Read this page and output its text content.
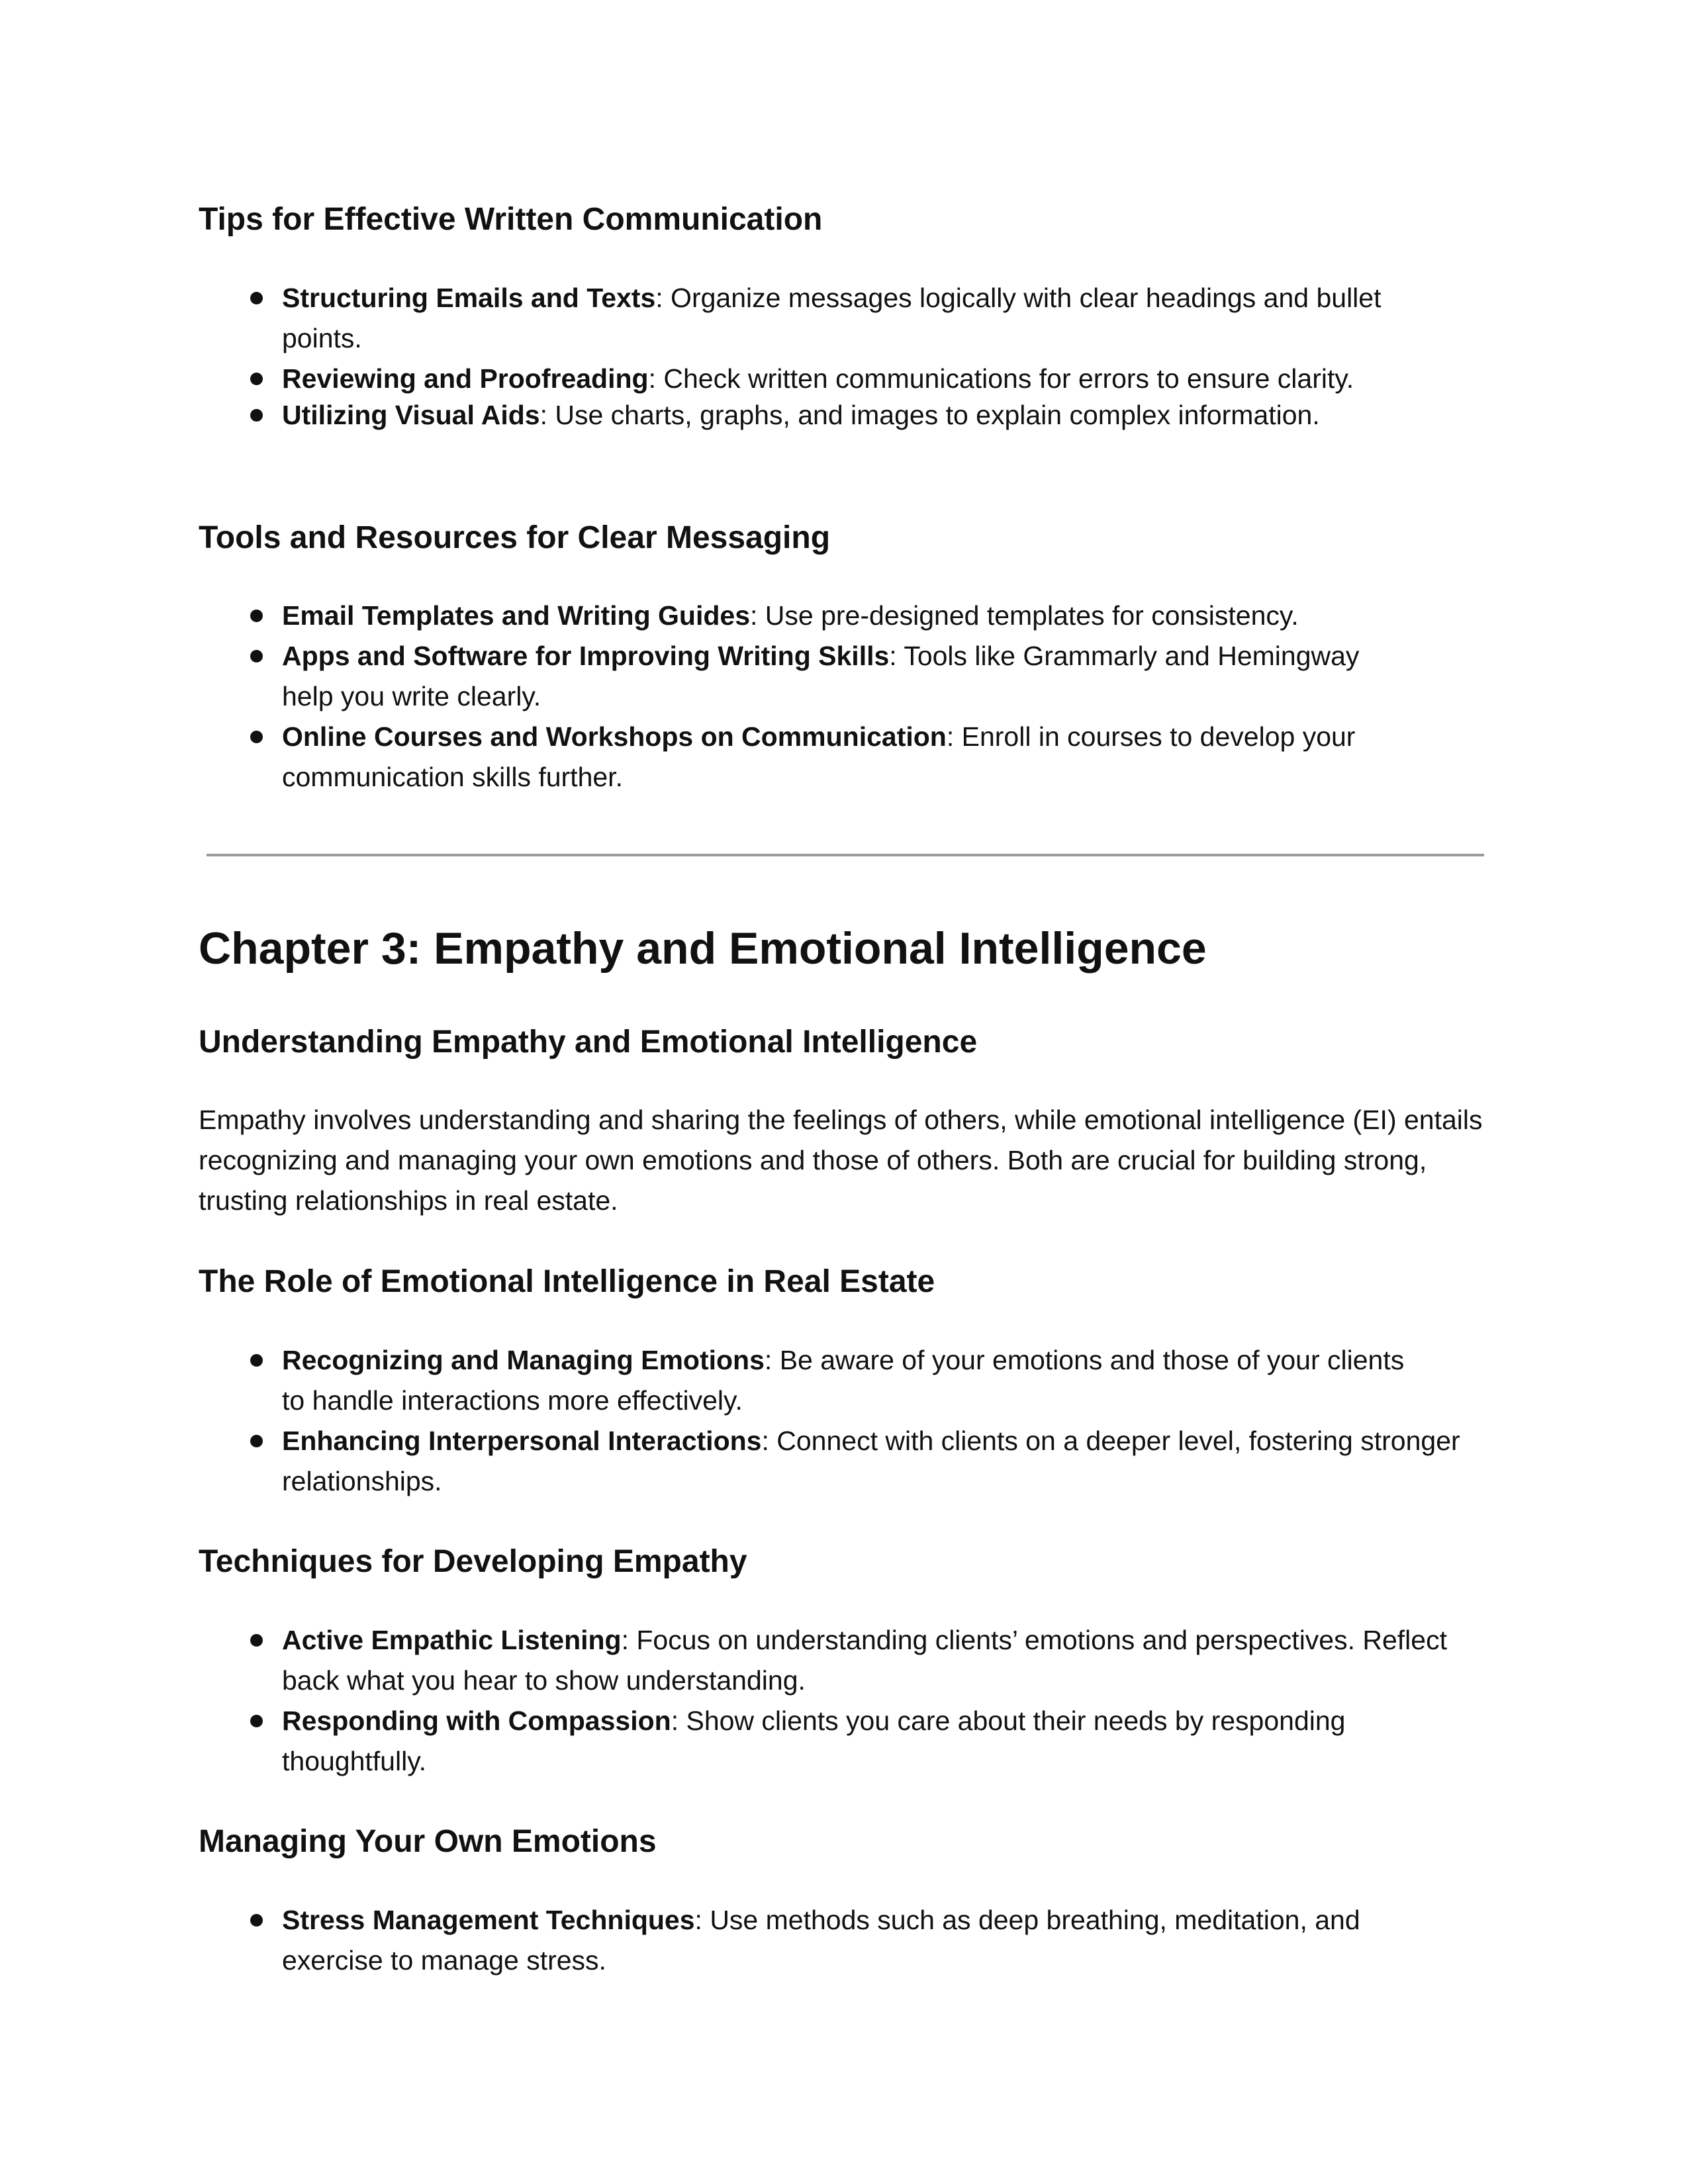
Tips for Effective Written Communication
Structuring Emails and Texts: Organize messages logically with clear headings and bullet points.
Reviewing and Proofreading: Check written communications for errors to ensure clarity.
Utilizing Visual Aids: Use charts, graphs, and images to explain complex information.
Tools and Resources for Clear Messaging
Email Templates and Writing Guides: Use pre-designed templates for consistency.
Apps and Software for Improving Writing Skills: Tools like Grammarly and Hemingway help you write clearly.
Online Courses and Workshops on Communication: Enroll in courses to develop your communication skills further.
Chapter 3: Empathy and Emotional Intelligence
Understanding Empathy and Emotional Intelligence

Empathy involves understanding and sharing the feelings of others, while emotional intelligence (EI) entails recognizing and managing your own emotions and those of others. Both are crucial for building strong, trusting relationships in real estate.

The Role of Emotional Intelligence in Real Estate
Recognizing and Managing Emotions: Be aware of your emotions and those of your clients to handle interactions more effectively.
Enhancing Interpersonal Interactions: Connect with clients on a deeper level, fostering stronger relationships.
Techniques for Developing Empathy
Active Empathic Listening: Focus on understanding clients’ emotions and perspectives. Reflect back what you hear to show understanding.
Responding with Compassion: Show clients you care about their needs by responding thoughtfully.
Managing Your Own Emotions
Stress Management Techniques: Use methods such as deep breathing, meditation, and exercise to manage stress.
